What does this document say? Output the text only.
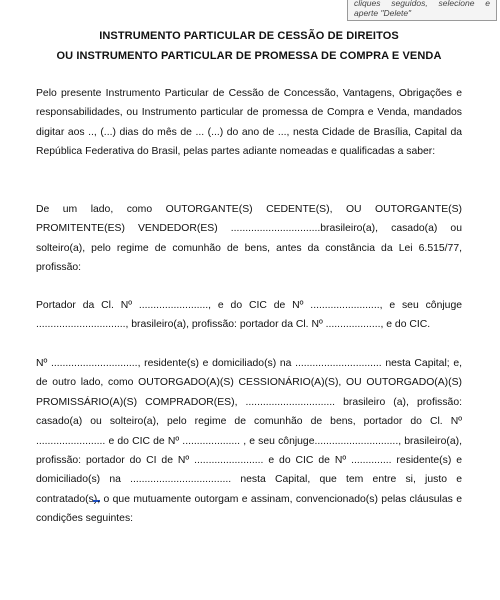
cliques seguidos, selecione e aperte "Delete"

INSTRUMENTO PARTICULAR DE CESSÃO DE DIREITOS

OU INSTRUMENTO PARTICULAR DE PROMESSA DE COMPRA E VENDA

Pelo presente Instrumento Particular de Cessão de Concessão, Vantagens, Obrigações e responsabilidades, ou Instrumento particular de promessa de Compra e Venda, mandados digitar aos .., (...) dias do mês de ... (...) do ano de ..., nesta Cidade de Brasília, Capital da República Federativa do Brasil, pelas partes adiante nomeadas e qualificadas a saber:

De um lado, como OUTORGANTE(S) CEDENTE(S), OU OUTORGANTE(S) PROMITENTE(ES) VENDEDOR(ES) ...............................brasileiro(a), casado(a) ou solteiro(a), pelo regime de comunhão de bens, antes da constância da Lei 6.515/77, profissão:

Portador da Cl. Nº ........................, e do CIC de Nº ........................, e seu cônjuge ..............................., brasileiro(a), profissão: portador da Cl. Nº ..................., e do CIC.

Nº .............................., residente(s) e domiciliado(s) na .............................. nesta Capital; e, de outro lado, como OUTORGADO(A)(S) CESSIONÁRIO(A)(S), OU OUTORGADO(A)(S) PROMISSÁRIO(A)(S) COMPRADOR(ES), ............................... brasileiro (a), profissão: casado(a) ou solteiro(a), pelo regime de comunhão de bens, portador do Cl. Nº ........................ e do CIC de Nº .................... , e seu cônjuge............................., brasileiro(a), profissão: portador do CI de Nº ........................ e do CIC de Nº .............. residente(s) e domiciliado(s) na ................................... nesta Capital, que tem entre si, justo e contratado(s), o que mutuamente outorgam e assinam, convencionado(s) pelas cláusulas e condições seguintes:
